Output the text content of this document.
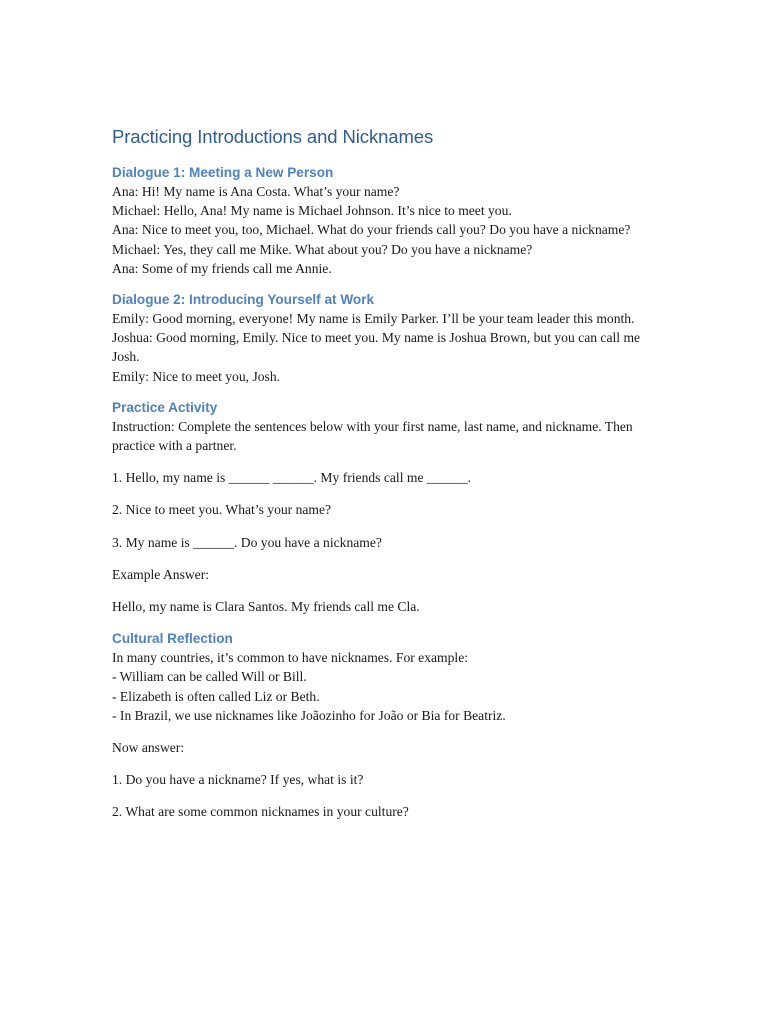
Practicing Introductions and Nicknames
Dialogue 1: Meeting a New Person

Ana: Hi! My name is Ana Costa. What’s your name?

Michael: Hello, Ana! My name is Michael Johnson. It’s nice to meet you.

Ana: Nice to meet you, too, Michael. What do your friends call you? Do you have a nickname?

Michael: Yes, they call me Mike. What about you? Do you have a nickname?

Ana: Some of my friends call me Annie.

Dialogue 2: Introducing Yourself at Work

Emily: Good morning, everyone! My name is Emily Parker. I’ll be your team leader this month.

Joshua: Good morning, Emily. Nice to meet you. My name is Joshua Brown, but you can call me Josh.

Emily: Nice to meet you, Josh.

Practice Activity

Instruction: Complete the sentences below with your first name, last name, and nickname. Then practice with a partner.

1. Hello, my name is ______ ______. My friends call me ______.

2. Nice to meet you. What’s your name?

3. My name is ______. Do you have a nickname?

Example Answer:

Hello, my name is Clara Santos. My friends call me Cla.

Cultural Reflection

In many countries, it’s common to have nicknames. For example:

- William can be called Will or Bill.

- Elizabeth is often called Liz or Beth.

- In Brazil, we use nicknames like Joãozinho for João or Bia for Beatriz.

Now answer:

1. Do you have a nickname? If yes, what is it?

2. What are some common nicknames in your culture?
